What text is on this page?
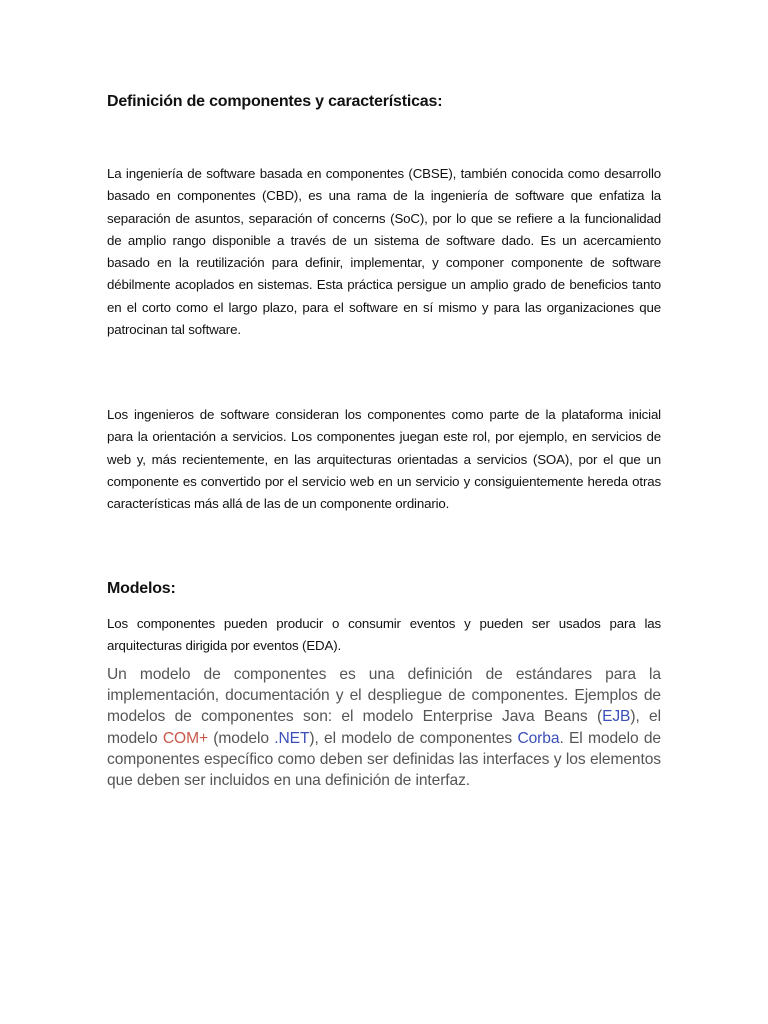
Definición de componentes y características:

La ingeniería de software basada en componentes (CBSE), también conocida como desarrollo basado en componentes (CBD), es una rama de la ingeniería de software que enfatiza la separación de asuntos, separación of concerns (SoC), por lo que se refiere a la funcionalidad de amplio rango disponible a través de un sistema de software dado. Es un acercamiento basado en la reutilización para definir, implementar, y componer componente de software débilmente acoplados en sistemas. Esta práctica persigue un amplio grado de beneficios tanto en el corto como el largo plazo, para el software en sí mismo y para las organizaciones que patrocinan tal software.

Los ingenieros de software consideran los componentes como parte de la plataforma inicial para la orientación a servicios. Los componentes juegan este rol, por ejemplo, en servicios de web y, más recientemente, en las arquitecturas orientadas a servicios (SOA), por el que un componente es convertido por el servicio web en un servicio y consiguientemente hereda otras características más allá de las de un componente ordinario.

Modelos:

Los componentes pueden producir o consumir eventos y pueden ser usados para las arquitecturas dirigida por eventos (EDA).

Un modelo de componentes es una definición de estándares para la implementación, documentación y el despliegue de componentes. Ejemplos de modelos de componentes son: el modelo Enterprise Java Beans (EJB), el modelo COM+ (modelo .NET), el modelo de componentes Corba. El modelo de componentes específico como deben ser definidas las interfaces y los elementos que deben ser incluidos en una definición de interfaz.
